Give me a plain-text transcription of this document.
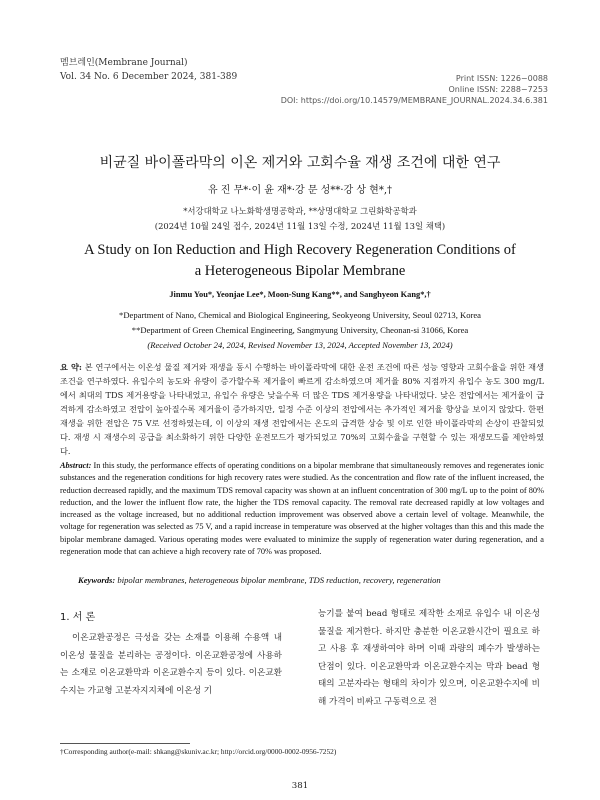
멤브레인(Membrane Journal)
Vol. 34 No. 6 December 2024, 381-389	Print ISSN: 1226−0088
Online ISSN: 2288−7253
DOI: https://doi.org/10.14579/MEMBRANE_JOURNAL.2024.34.6.381
비균질 바이폴라막의 이온 제거와 고회수율 재생 조건에 대한 연구
유 진 무*·이 윤 재*·강 문 성**·강 상 현*,†
*서강대학교 나노화학생명공학과, **상명대학교 그린화학공학과
(2024년 10월 24일 접수, 2024년 11월 13일 수정, 2024년 11월 13일 채택)
A Study on Ion Reduction and High Recovery Regeneration Conditions of
a Heterogeneous Bipolar Membrane
Jinmu You*, Yeonjae Lee*, Moon-Sung Kang**, and Sanghyeon Kang*,†
*Department of Nano, Chemical and Biological Engineering, Seokyeong University, Seoul 02713, Korea
**Department of Green Chemical Engineering, Sangmyung University, Cheonan-si 31066, Korea
(Received October 24, 2024, Revised November 13, 2024, Accepted November 13, 2024)
요 약: 본 연구에서는 이온성 물질 제거와 재생을 동시 수행하는 바이폴라막에 대한 운전 조건에 따른 성능 영향과 고회수율을 위한 재생 조건을 연구하였다. 유입수의 농도와 유량이 증가할수록 제거율이 빠르게 감소하였으며 제거율 80% 지점까지 유입수 농도 300 mg/L에서 최대의 TDS 제거용량을 나타내었고, 유입수 유량은 낮을수록 더 많은 TDS 제거용량을 나타내었다. 낮은 전압에서는 제거율이 급격하게 감소하였고 전압이 높아질수록 제거율이 증가하지만, 일정 수준 이상의 전압에서는 추가적인 제거율 향상을 보이지 않았다. 한편 재생을 위한 전압은 75 V로 선정하였는데, 이 이상의 재생 전압에서는 온도의 급격한 상승 및 이로 인한 바이폴라막의 손상이 관찰되었다. 재생 시 재생수의 공급을 최소화하기 위한 다양한 운전모드가 평가되었고 70%의 고회수율을 구현할 수 있는 재생모드를 제안하였다.
Abstract: In this study, the performance effects of operating conditions on a bipolar membrane that simultaneously removes and regenerates ionic substances and the regeneration conditions for high recovery rates were studied. As the concentration and flow rate of the influent increased, the reduction decreased rapidly, and the maximum TDS removal capacity was shown at an influent concentration of 300 mg/L up to the point of 80% reduction, and the lower the influent flow rate, the higher the TDS removal capacity. The removal rate decreased rapidly at low voltages and increased as the voltage increased, but no additional reduction improvement was observed above a certain level of voltage. Meanwhile, the voltage for regeneration was selected as 75 V, and a rapid increase in temperature was observed at the higher voltages than this and this made the bipolar membrane damaged. Various operating modes were evaluated to minimize the supply of regeneration water during regeneration, and a regeneration mode that can achieve a high recovery rate of 70% was proposed.
Keywords: bipolar membranes, heterogeneous bipolar membrane, TDS reduction, recovery, regeneration
1. 서 론

이온교환공정은 극성을 갖는 소재를 이용해 수용액 내 이온성 물질을 분리하는 공정이다. 이온교환공정에 사용하는 소재로 이온교환막과 이온교환수지 등이 있다. 이온교환수지는 가교형 고분자지지체에 이온성 기

능기를 붙여 bead 형태로 제작한 소재로 유입수 내 이온성 물질을 제거한다. 하지만 충분한 이온교환시간이 필요로 하고 사용 후 재생하여야 하며 이때 과량의 폐수가 발생하는 단점이 있다. 이온교환막과 이온교환수지는 막과 bead 형태의 고분자라는 형태의 차이가 있으며, 이온교환수지에 비해 가격이 비싸고 구동력으로 전

†Corresponding author(e-mail: shkang@skuniv.ac.kr; http://orcid.org/0000-0002-0956-7252)
381
